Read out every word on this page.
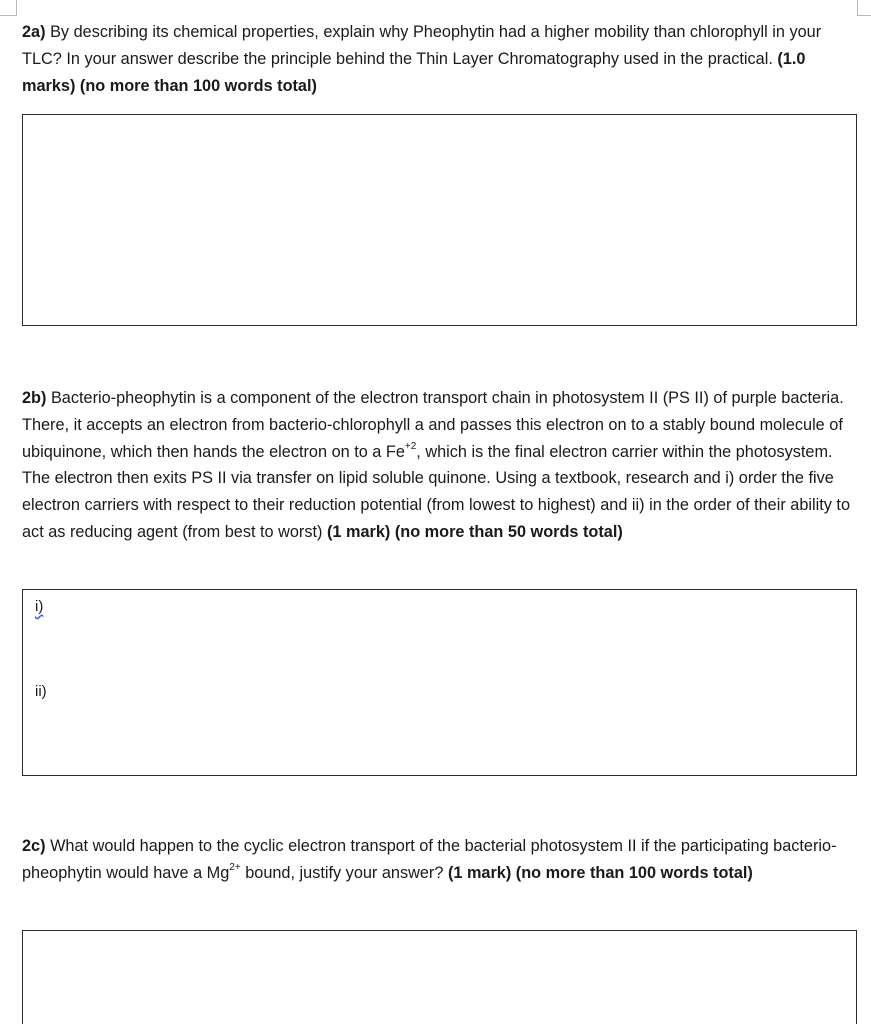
2a) By describing its chemical properties, explain why Pheophytin had a higher mobility than chlorophyll in your TLC? In your answer describe the principle behind the Thin Layer Chromatography used in the practical. (1.0 marks) (no more than 100 words total)
2b) Bacterio-pheophytin is a component of the electron transport chain in photosystem II (PS II) of purple bacteria. There, it accepts an electron from bacterio-chlorophyll a and passes this electron on to a stably bound molecule of ubiquinone, which then hands the electron on to a $Fe^{+2}$, which is the final electron carrier within the photosystem. The electron then exits PS II via transfer on lipid soluble quinone. Using a textbook, research and i) order the five electron carriers with respect to their reduction potential (from lowest to highest) and ii) in the order of their ability to act as reducing agent (from best to worst) (1 mark) (no more than 50 words total)
i)
ii)
2c) What would happen to the cyclic electron transport of the bacterial photosystem II if the participating bacterio-pheophytin would have a $Mg^{2+}$ bound, justify your answer? (1 mark) (no more than 100 words total)
